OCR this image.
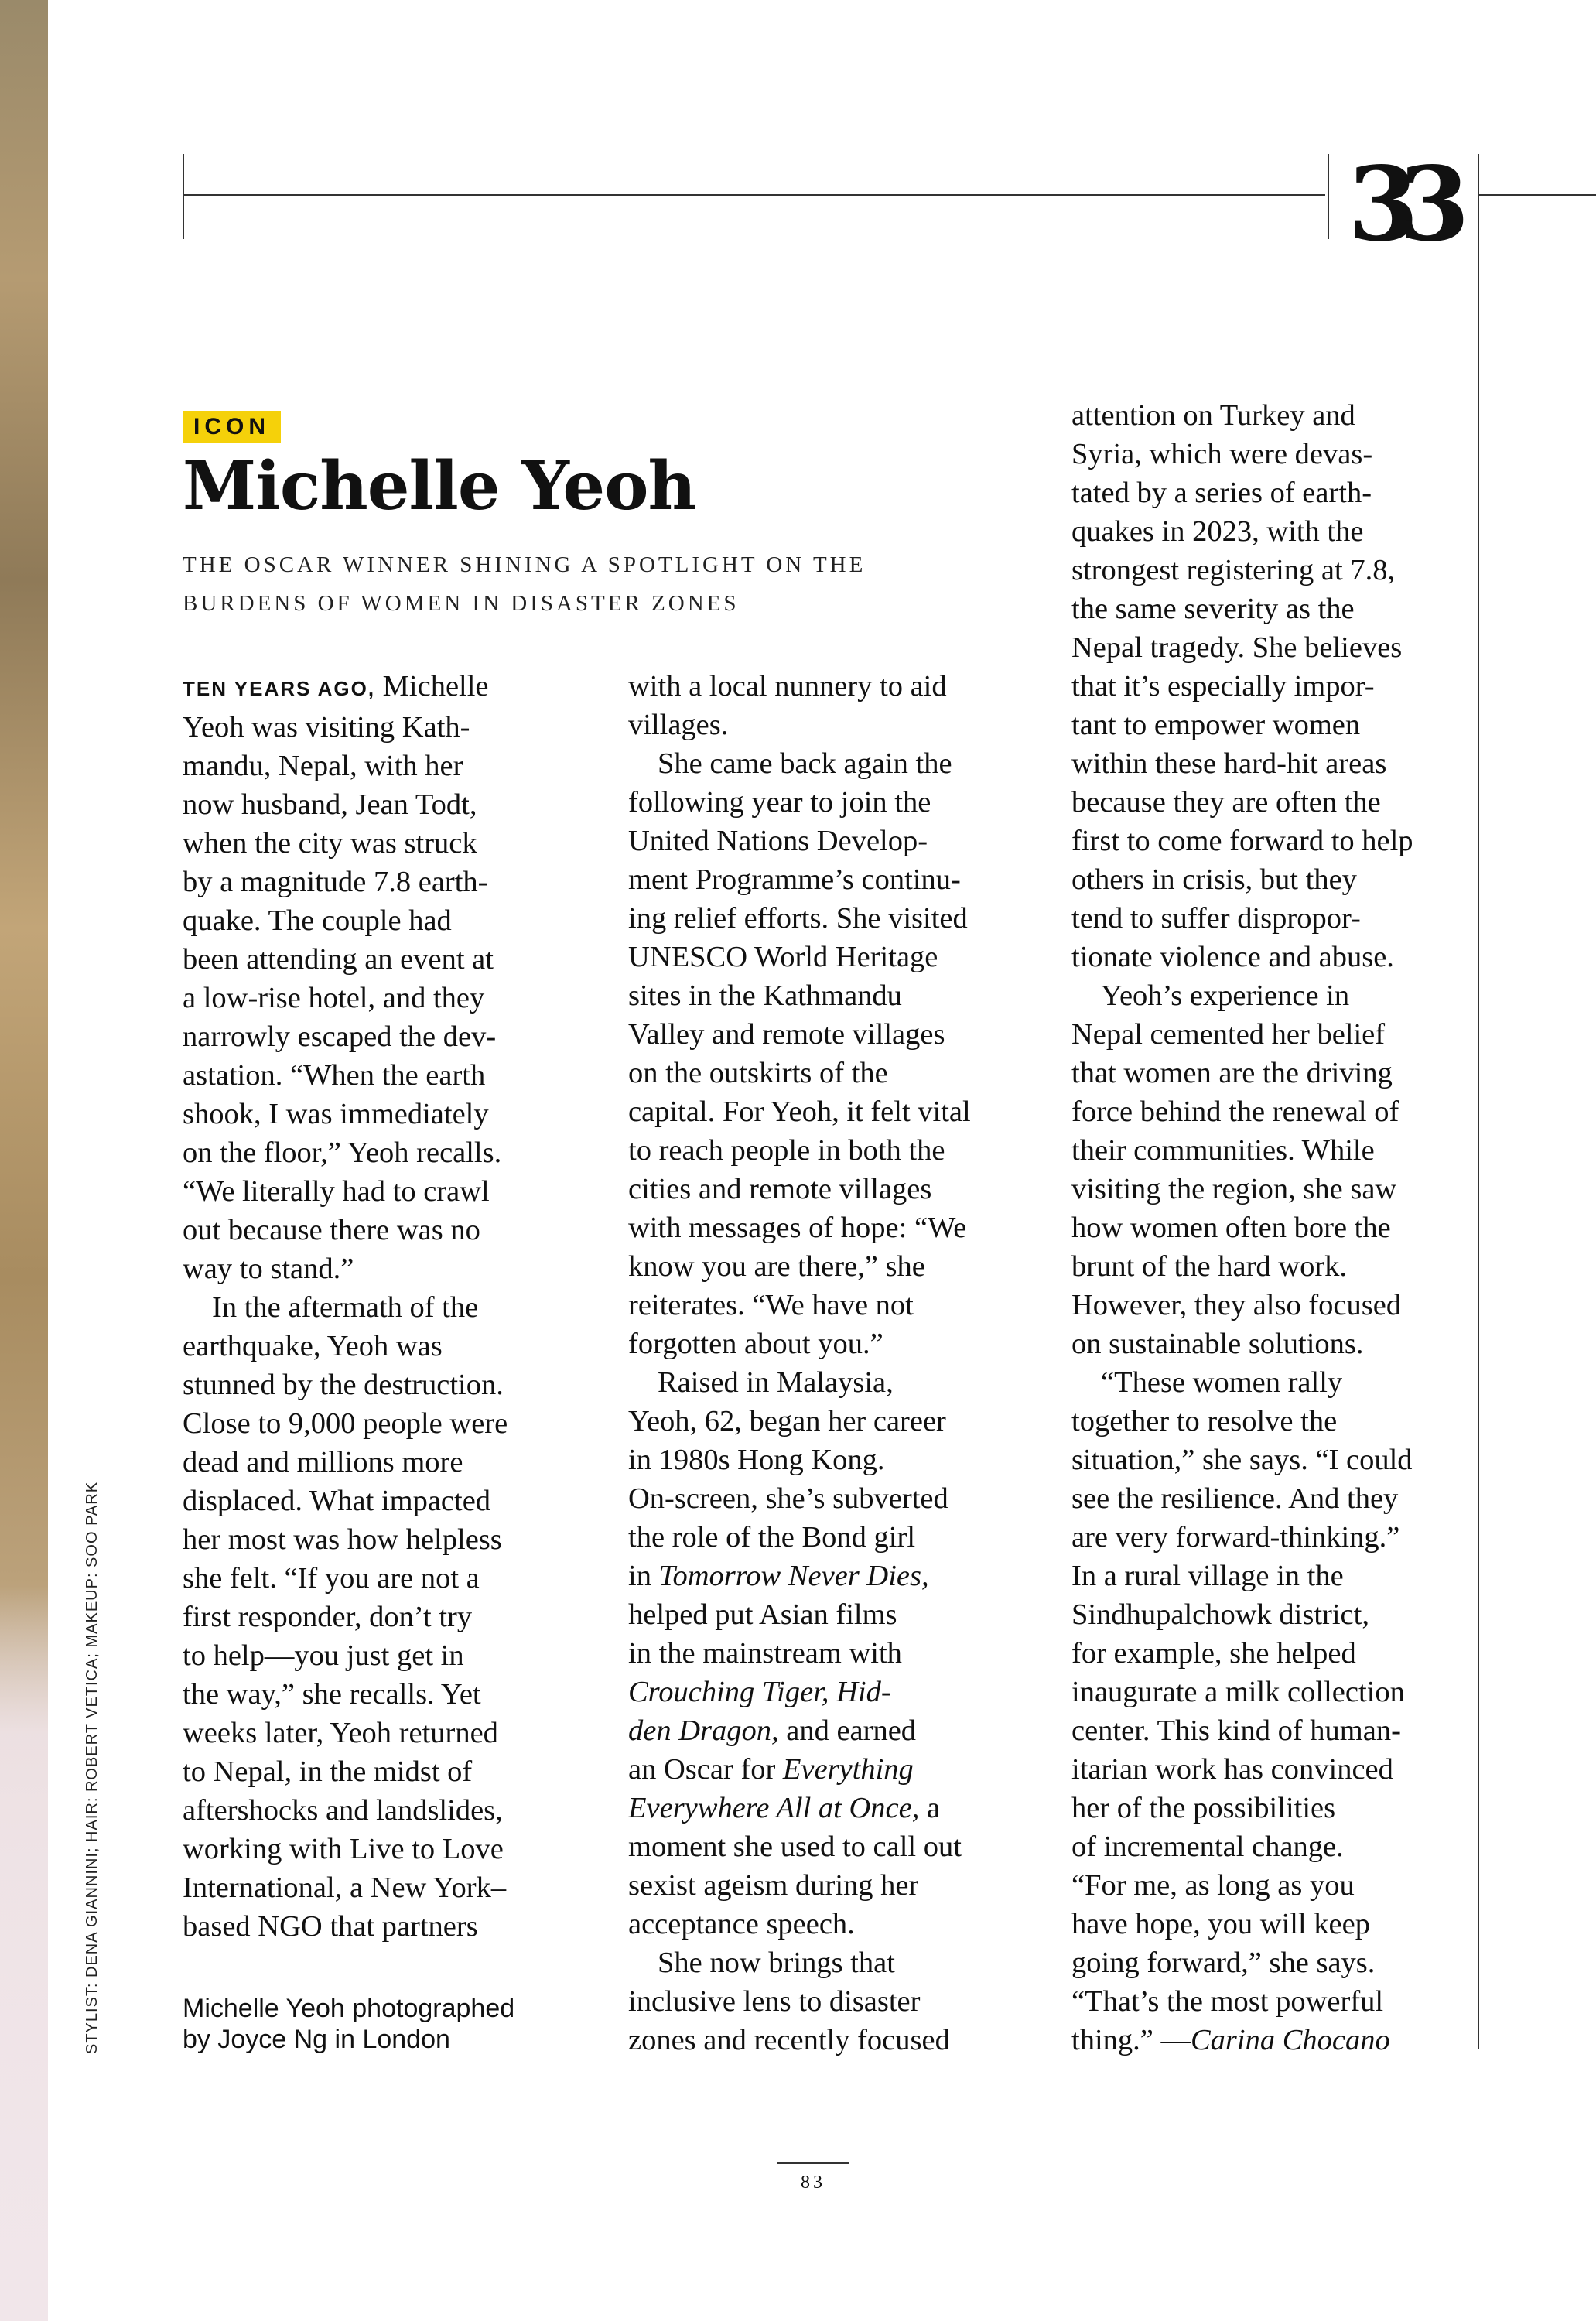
33
ICON
Michelle Yeoh
THE OSCAR WINNER SHINING A SPOTLIGHT ON THE
BURDENS OF WOMEN IN DISASTER ZONES
TEN YEARS AGO, Michelle
Yeoh was visiting Kath-
mandu, Nepal, with her
now husband, Jean Todt,
when the city was struck
by a magnitude 7.8 earth-
quake. The couple had
been attending an event at
a low-rise hotel, and they
narrowly escaped the dev-
astation. “When the earth
shook, I was immediately
on the floor,” Yeoh recalls.
“We literally had to crawl
out because there was no
way to stand.”
In the aftermath of the
earthquake, Yeoh was
stunned by the destruction.
Close to 9,000 people were
dead and millions more
displaced. What impacted
her most was how helpless
she felt. “If you are not a
first responder, don’t try
to help—you just get in
the way,” she recalls. Yet
weeks later, Yeoh returned
to Nepal, in the midst of
aftershocks and landslides,
working with Live to Love
International, a New York–
based NGO that partners
with a local nunnery to aid
villages.
She came back again the
following year to join the
United Nations Develop-
ment Programme’s continu-
ing relief efforts. She visited
UNESCO World Heritage
sites in the Kathmandu
Valley and remote villages
on the outskirts of the
capital. For Yeoh, it felt vital
to reach people in both the
cities and remote villages
with messages of hope: “We
know you are there,” she
reiterates. “We have not
forgotten about you.”
Raised in Malaysia,
Yeoh, 62, began her career
in 1980s Hong Kong.
On-screen, she’s subverted
the role of the Bond girl
in Tomorrow Never Dies,
helped put Asian films
in the mainstream with
Crouching Tiger, Hid-
den Dragon, and earned
an Oscar for Everything
Everywhere All at Once, a
moment she used to call out
sexist ageism during her
acceptance speech.
She now brings that
inclusive lens to disaster
zones and recently focused
attention on Turkey and
Syria, which were devas-
tated by a series of earth-
quakes in 2023, with the
strongest registering at 7.8,
the same severity as the
Nepal tragedy. She believes
that it’s especially impor-
tant to empower women
within these hard-hit areas
because they are often the
first to come forward to help
others in crisis, but they
tend to suffer dispropor-
tionate violence and abuse.
Yeoh’s experience in
Nepal cemented her belief
that women are the driving
force behind the renewal of
their communities. While
visiting the region, she saw
how women often bore the
brunt of the hard work.
However, they also focused
on sustainable solutions.
“These women rally
together to resolve the
situation,” she says. “I could
see the resilience. And they
are very forward-thinking.”
In a rural village in the
Sindhupalchowk district,
for example, she helped
inaugurate a milk collection
center. This kind of human-
itarian work has convinced
her of the possibilities
of incremental change.
“For me, as long as you
have hope, you will keep
going forward,” she says.
“That’s the most powerful
thing.” —Carina Chocano
Michelle Yeoh photographed
by Joyce Ng in London
STYLIST: DENA GIANNINI; HAIR: ROBERT VETICA; MAKEUP: SOO PARK
83
